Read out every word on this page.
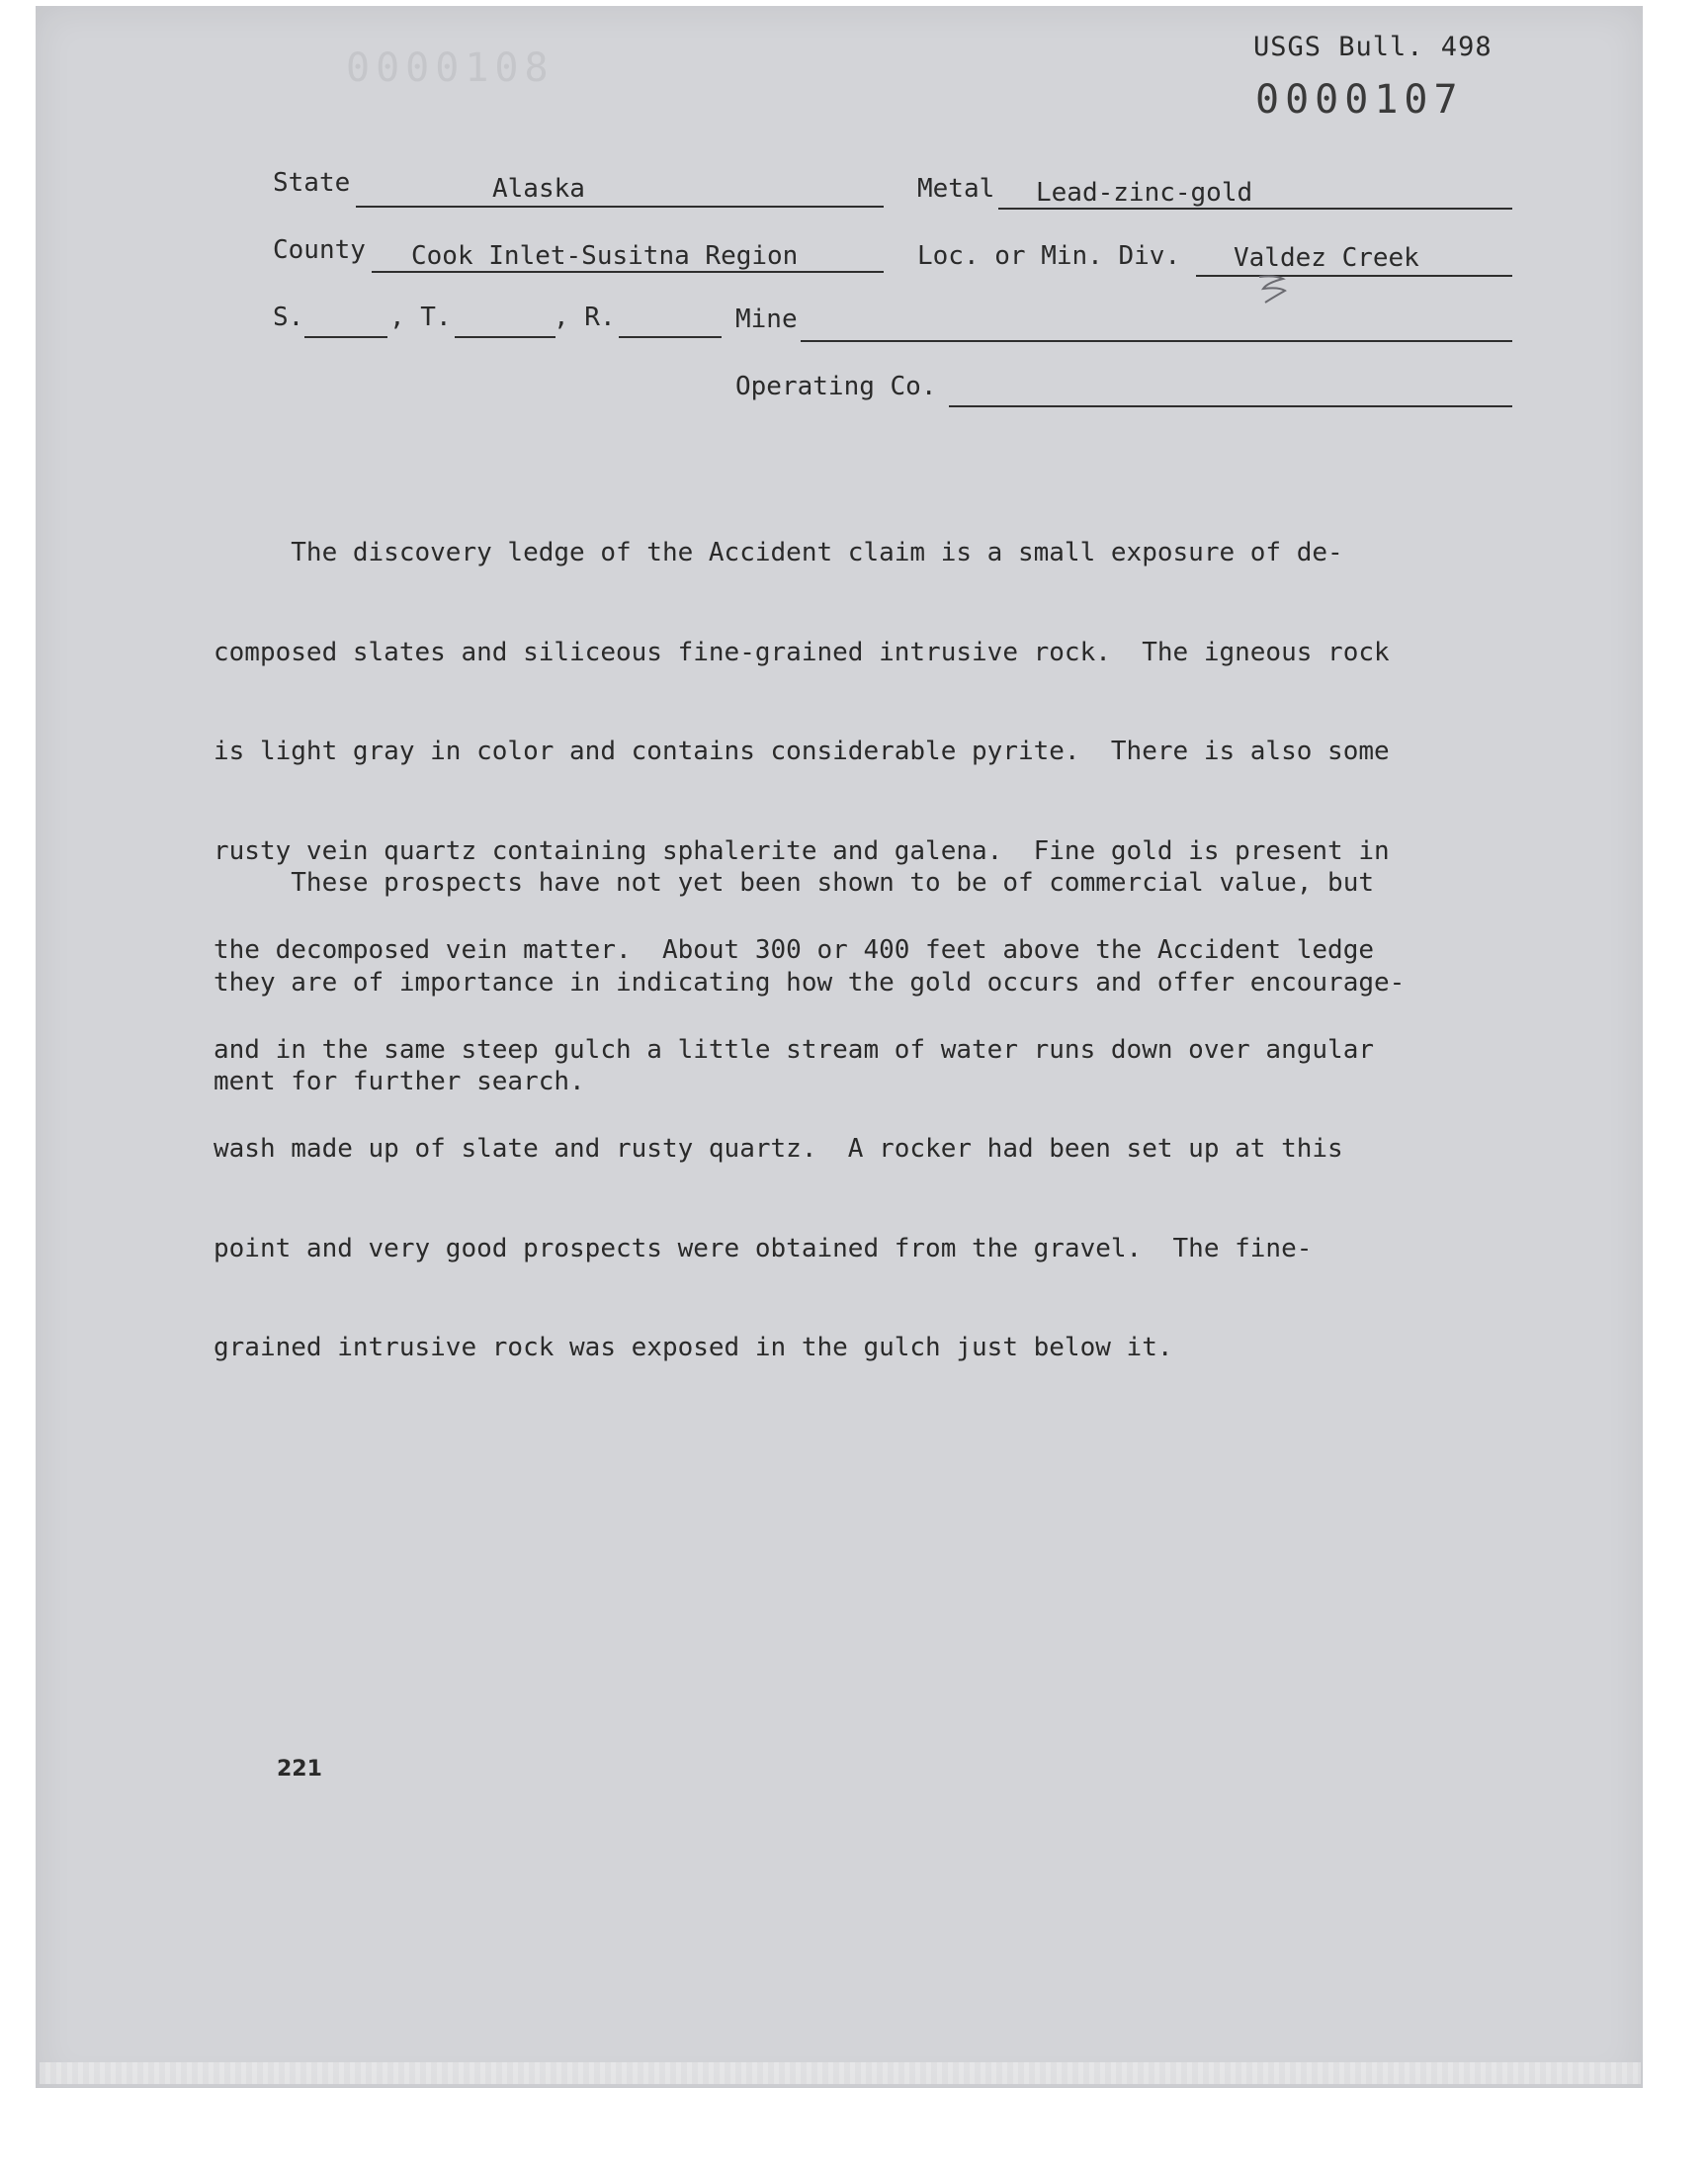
0000108	USGS Bull. 498
0000107
State	Alaska	Metal Lead-zinc-gold
County Cook Inlet-Susitna Region	Loc. or Min. Div. Valdez Creek
S.	, T.	, R.	Mine
Operating Co.

The discovery ledge of the Accident claim is a small exposure of de-

composed slates and siliceous fine-grained intrusive rock.  The igneous rock

is light gray in color and contains considerable pyrite.  There is also some

rusty vein quartz containing sphalerite and galena.  Fine gold is present in

the decomposed vein matter.  About 300 or 400 feet above the Accident ledge

and in the same steep gulch a little stream of water runs down over angular

wash made up of slate and rusty quartz.  A rocker had been set up at this

point and very good prospects were obtained from the gravel.  The fine-

grained intrusive rock was exposed in the gulch just below it.

These prospects have not yet been shown to be of commercial value, but

they are of importance in indicating how the gold occurs and offer encourage-

ment for further search.

221
